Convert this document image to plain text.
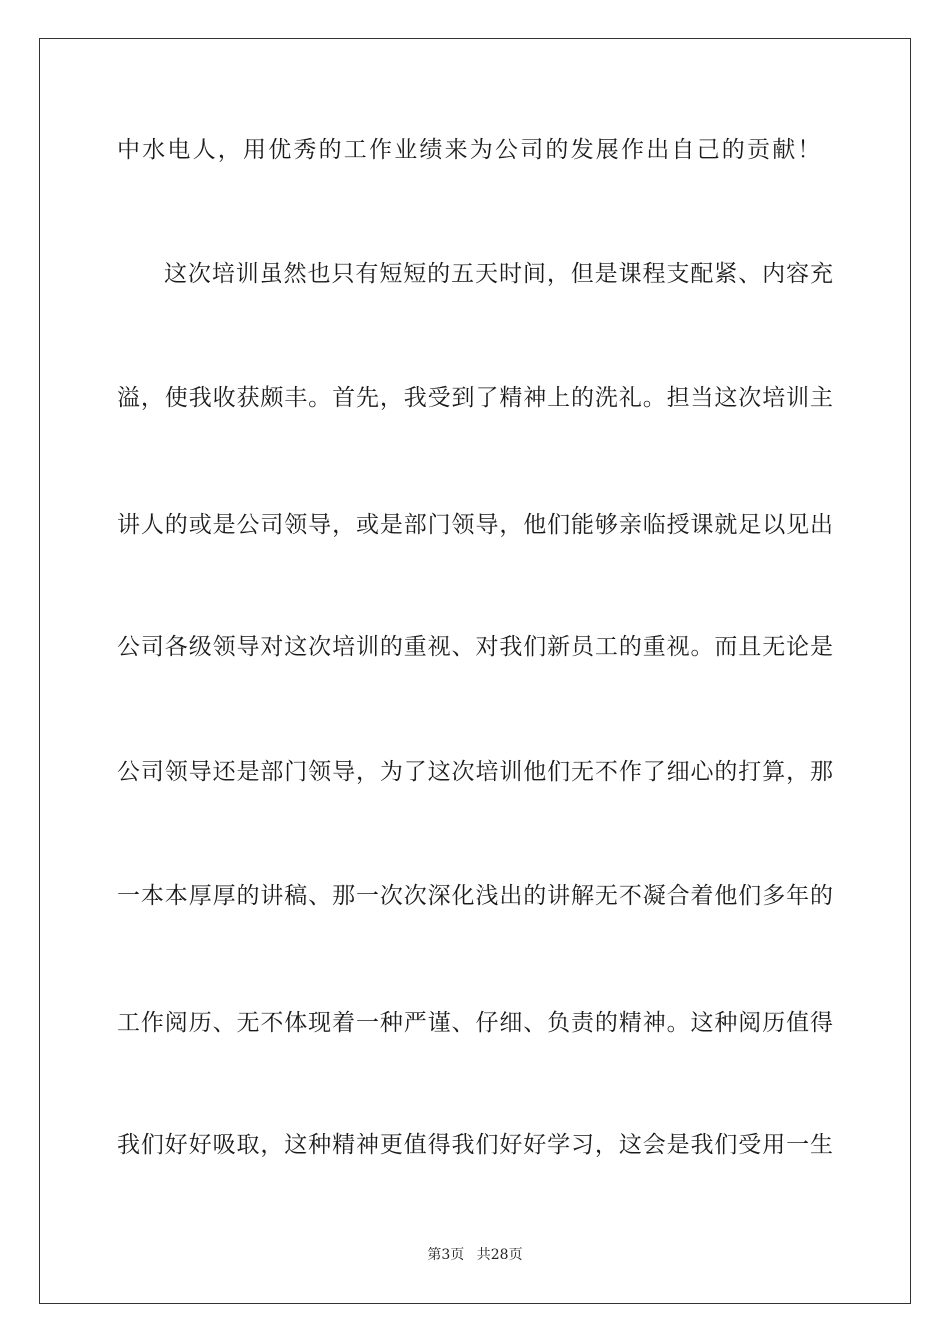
中水电人，用优秀的工作业绩来为公司的发展作出自己的贡献！
这次培训虽然也只有短短的五天时间，但是课程支配紧、内容充
溢，使我收获颇丰。首先，我受到了精神上的洗礼。担当这次培训主
讲人的或是公司领导，或是部门领导，他们能够亲临授课就足以见出
公司各级领导对这次培训的重视、对我们新员工的重视。而且无论是
公司领导还是部门领导，为了这次培训他们无不作了细心的打算，那
一本本厚厚的讲稿、那一次次深化浅出的讲解无不凝合着他们多年的
工作阅历、无不体现着一种严谨、仔细、负责的精神。这种阅历值得
我们好好吸取，这种精神更值得我们好好学习，这会是我们受用一生
第3页 共28页
